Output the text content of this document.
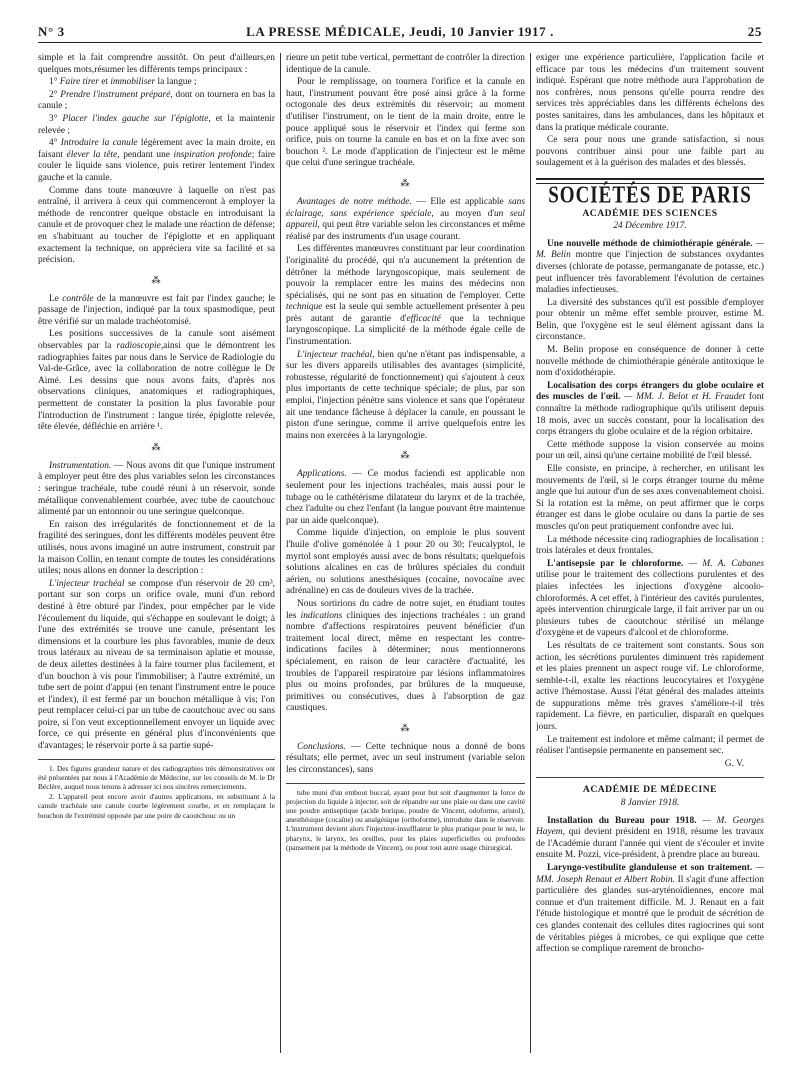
N° 3	LA PRESSE MÉDICALE, Jeudi, 10 Janvier 1917 .	25

simple et la fait comprendre aussitôt. On peut d'ailleurs,en quelques mots,résumer les différents temps principaux :

1° Faire tirer et immobiliser la langue ;

2° Prendre l'instrument préparé, dont on tournera en bas la canule ;

3° Placer l'index gauche sur l'épiglotte, et la maintenir relevée ;

4° Introduire la canule légèrement avec la main droite, en faisant élever la tête, pendant une inspiration profonde; faire couler le liquide sans violence, puis retirer lentement l'index gauche et la canule.

Comme dans toute manœuvre à laquelle on n'est pas entraîné, il arrivera à ceux qui commenceront à employer la méthode de rencontrer quelque obstacle en introduisant la canule et de provoquer chez le malade une réaction de défense; en s'habituant au toucher de l'épiglotte et en appliquant exactement la technique, on appréciera vite sa facilité et sa précision.

⁂

Le contrôle de la manœuvre est fait par l'index gauche; le passage de l'injection, indiqué par la toux spasmodique, peut être vérifié sur un malade trachéotomisé.

Les positions successives de la canule sont aisément observables par la radioscopie,ainsi que le démontrent les radiographies faites par nous dans le Service de Radiologie du Val-de-Grâce, avec la collaboration de notre collègue le Dr Aimé. Les dessins que nous avons faits, d'après nos observations cliniques, anatomiques et radiographiques, permettent de constater la position la plus favorable pour l'introduction de l'instrument : langue tirée, épiglotte relevée, tête élevée, défléchie en arrière ¹.

⁂

Instrumentation. — Nous avons dit que l'unique instrument à employer peut être des plus variables selon les circonstances : seringue trachéale, tube coudé réuni à un réservoir, sonde métallique convenablement courbée, avec tube de caoutchouc alimenté par un entonnoir ou une seringue quelconque.

En raison des irrégularités de fonctionnement et de la fragilité des seringues, dont les différents modèles peuvent être utilisés, nous avons imaginé un autre instrument, construit par la maison Collin, en tenant compte de toutes les considérations utiles; nous allons en donner la description :

L'injecteur trachéal se compose d'un réservoir de 20 cm³, portant sur son corps un orifice ovale, muni d'un rebord destiné à être obturé par l'index, pour empêcher par le vide l'écoulement du liquide, qui s'échappe en soulevant le doigt; à l'une des extrémités se trouve une canule, présentant les dimensions et la courbure les plus favorables, munie de deux trous latéraux au niveau de sa terminaison aplatie et mousse, de deux ailettes destinées à la faire tourner plus facilement, et d'un bouchon à vis pour l'immobiliser; à l'autre extrémité, un tube sert de point d'appui (en tenant l'instrument entre le pouce et l'index), il est fermé par un bouchon métallique à vis; l'on peut remplacer celui-ci par un tube de caoutchouc avec ou sans poire, si l'on veut exceptionnellement envoyer un liquide avec force, ce qui présente en général plus d'inconvénients que d'avantages; le réservoir porte à sa partie supé-

1. Des figures grandeur nature et des radiographies très démonstratives ont été présentées par nous à l'Académie de Médecine, sur les conseils de M. le Dr Béclère, auquel nous tenons à adresser ici nos sincères remerciements.

2. L'appareil peut encore avoir d'autres applications, en substituant à la canule trachéale une canule courbe légèrement courbe, et en remplaçant le bouchon de l'extrémité opposée par une poire de caoutchouc ou un

rieure un petit tube vertical, permettant de contrôler la direction identique de la canule.

Pour le remplissage, on tournera l'orifice et la canule en haut, l'instrument pouvant être posé ainsi grâce à la forme octogonale des deux extrémités du réservoir; au moment d'utiliser l'instrument, on le tient de la main droite, entre le pouce appliqué sous le réservoir et l'index qui ferme son orifice, puis on tourne la canule en bas et on la fixe avec son bouchon ². Le mode d'application de l'injecteur est le même que celui d'une seringue trachéale.

⁂

Avantages de notre méthode. — Elle est applicable sans éclairage, sans expérience spéciale, au moyen d'un seul appareil, qui peut être variable selon les circonstances et même réalisé par des instruments d'un usage courant.

Les différentes manœuvres constituant par leur coordination l'originalité du procédé, qui n'a aucunement la prétention de détrôner la méthode laryngoscopique, mais seulement de pouvoir la remplacer entre les mains des médecins non spécialisés, qui ne sont pas en situation de l'employer. Cette technique est la seule qui semble actuellement présenter à peu près autant de garantie d'efficacité que la technique laryngoscopique. La simplicité de la méthode égale celle de l'instrumentation.

L'injecteur trachéal, bien qu'ne n'étant pas indispensable, a sur les divers appareils utilisables des avantages (simplicité, robustesse, régularité de fonctionnement) qui s'ajoutent à ceux plus importants de cette technique spéciale; de plus, par son emploi, l'injection pénètre sans violence et sans que l'opérateur ait une tendance fâcheuse à déplacer la canule, en poussant le piston d'une seringue, comme il arrive quelquefois entre les mains non exercées à la laryngologie.

⁂

Applications. — Ce modus faciendi est applicable non seulement pour les injections trachéales, mais aussi pour le tubage ou le cathétérisme dilatateur du larynx et de la trachée, chez l'adulte ou chez l'enfant (la langue pouvant être maintenue par un aide quelconque).

Comme liquide d'injection, on emploie le plus souvent l'huile d'olive goménolée à 1 pour 20 ou 30; l'eucalyptol, le myrtol sont employés aussi avec de bons résultats; quelquefois solutions alcalines en cas de brûlures spéciales du conduit aérien, ou solutions anesthésiques (cocaïne, novocaïne avec adrénaline) en cas de douleurs vives de la trachée.

Nous sortirions du cadre de notre sujet, en étudiant toutes les indications cliniques des injections trachéales : un grand nombre d'affections respiratoires peuvent bénéficier d'un traitement local direct, même en respectant les contre-indications faciles à déterminer; nous mentionnerons spécialement, en raison de leur caractère d'actualité, les troubles de l'appareil respiratoire par lésions inflammatoires plus ou moins profondes, par brûlures de la muqueuse, primitives ou consécutives, dues à l'absorption de gaz caustiques.

⁂

Conclusions. — Cette technique nous a donné de bons résultats; elle permet, avec un seul instrument (variable selon les circonstances), sans

tube muni d'un embout buccal, ayant pour but soit d'augmenter la force de projection du liquide à injecter, soit de répandre sur une plaie ou dans une cavité une poudre antiseptique (acide borique, poudre de Vincent, odoforme, aristol), anesthésique (cocaïne) ou analgésique (orthoforme), introduite dans le réservoir. L'instrument devient alors l'injecteur-insufflateur le plus pratique pour le nez, le pharynx, le larynx, les oreilles, pour les plaies superficielles ou profondes (pansement par la méthode de Vincent), ou pour tout autre usage chirurgical.

exiger une expérience particulière, l'application facile et efficace par tous les médecins d'un traitement souvent indiqué. Espérant que notre méthode aura l'approbation de nos confrères, nous pensons qu'elle pourra rendre des services très appréciables dans les différents échelons des postes sanitaires, dans les ambulances, dans les hôpitaux et dans la pratique médicale courante.

Ce sera pour nous une grande satisfaction, si nous pouvons contribuer ainsi pour une faible part au soulagement et à la guérison des malades et des blessés.

SOCIÉTÉS DE PARIS
ACADÉMIE DES SCIENCES
24 Décembre 1917.

Une nouvelle méthode de chimiothérapie générale. — M. Belin montre que l'injection de substances oxydantes diverses (chlorate de potasse, permanganate de potasse, etc.) peut influencer très favorablement l'évolution de certaines maladies infectieuses.

La diversité des substances qu'il est possible d'employer pour obtenir un même effet semble prouver, estime M. Belin, que l'oxygène est le seul élément agissant dans la circonstance.

M. Belin propose en conséquence de donner à cette nouvelle méthode de chimiothérapie générale antitoxique le nom d'oxidothérapie.

Localisation des corps étrangers du globe oculaire et des muscles de l'œil. — MM. J. Belot et H. Fraudet font connaître la méthode radiographique qu'ils utilisent depuis 18 mois, avec un succès constant, pour la localisation des corps étrangers du globe oculaire et de la région orbitaire.

Cette méthode suppose la vision conservée au moins pour un œil, ainsi qu'une certaine mobilité de l'œil blessé.

Elle consiste, en principe, à rechercher, en utilisant les mouvements de l'œil, si le corps étranger tourne du même angle que lui autour d'un de ses axes convenablement choisi. Si la rotation est la même, on peut affirmer que le corps étranger est dans le globe oculaire ou dans la partie de ses muscles qu'on peut pratiquement confondre avec lui.

La méthode nécessite cinq radiographies de localisation : trois latérales et deux frontales.

L'antisepsie par le chloroforme. — M. A. Cabanes utilise pour le traitement des collections purulentes et des plaies infectées les injections d'oxygène alcoolo-chloroformés. A cet effet, à l'intérieur des cavités purulentes, après intervention chirurgicale large, il fait arriver par un ou plusieurs tubes de caoutchouc stérilisé un mélange d'oxygène et de vapeurs d'alcool et de chloroforme.

Les résultats de ce traitement sont constants. Sous son action, les sécrétions purulentes diminuent très rapidement et les plaies prennent un aspect rouge vif. Le chloroforme, semble-t-il, exalte les réactions leucocytaires et l'oxygène active l'hémostase. Aussi l'état général des malades atteints de suppurations même très graves s'améliore-t-il très rapidement. La fièvre, en particulier, disparaît en quelques jours.

Le traitement est indolore et même calmant; il permet de réaliser l'antisepsie permanente en pansement sec.

G. V.

ACADÉMIE DE MÉDECINE
8 Janvier 1918.

Installation du Bureau pour 1918. — M. Georges Hayem, qui devient président en 1918, résume les travaux de l'Académie durant l'année qui vient de s'écouler et invite ensuite M. Pozzi, vice-président, à prendre place au bureau.

Laryngo-vestibulite glanduleuse et son traitement. — MM. Joseph Renaut et Albert Robin. Il s'agit d'une affection particulière des glandes sus-aryténoïdiennes, encore mal connue et d'un traitement difficile. M. J. Renaut en a fait l'étude histologique et montré que le produit de sécrétion de ces glandes contenait des cellules dites ragiocrines qui sont de véritables pièges à microbes, ce qui explique que cette affection se complique rarement de broncho-
